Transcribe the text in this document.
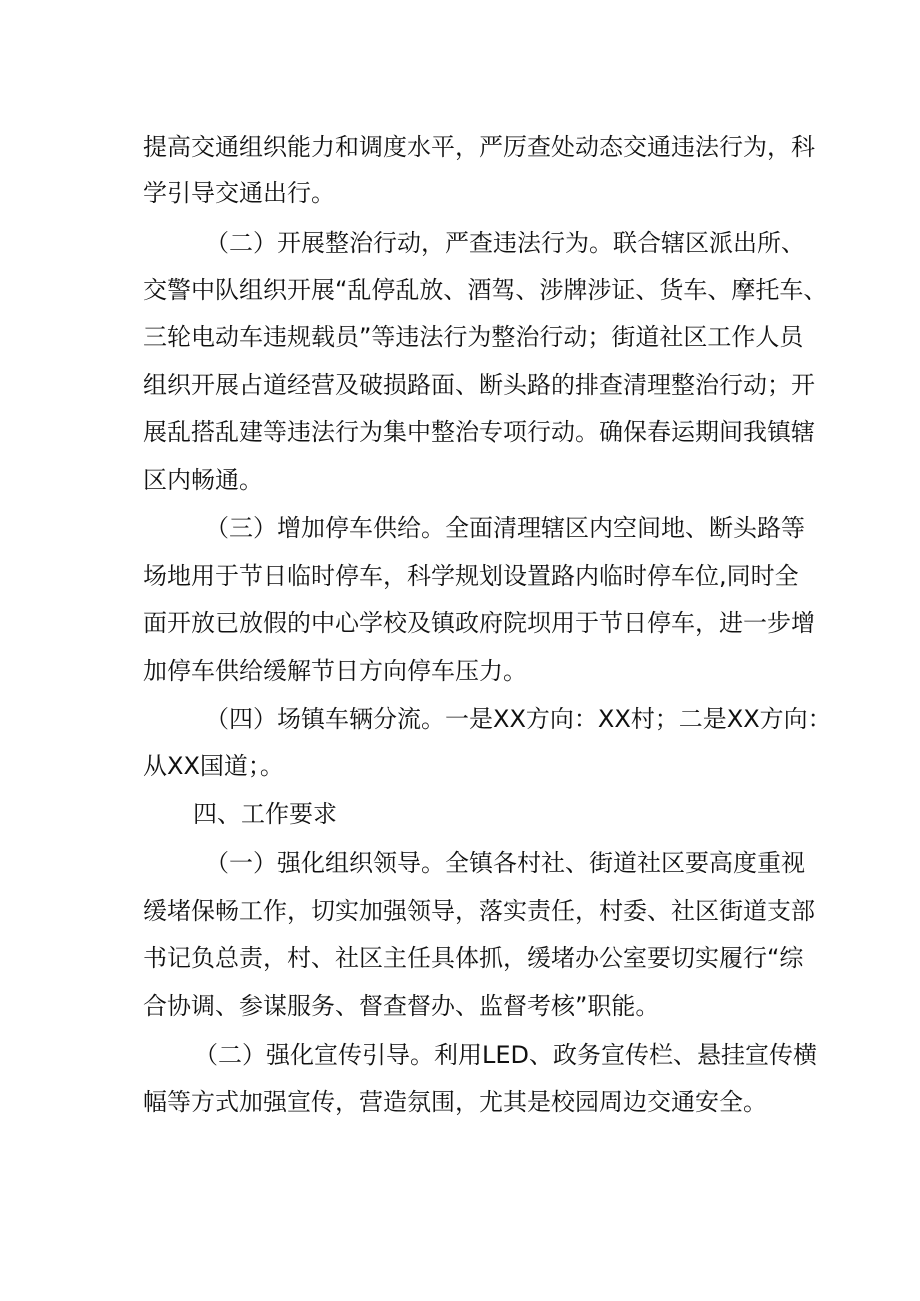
提高交通组织能力和调度水平，严厉查处动态交通违法行为，科
学引导交通出行。
（二）开展整治行动，严查违法行为。联合辖区派出所、
交警中队组织开展“乱停乱放、酒驾、涉牌涉证、货车、摩托车、
三轮电动车违规载员”等违法行为整治行动；街道社区工作人员
组织开展占道经营及破损路面、断头路的排查清理整治行动；开
展乱搭乱建等违法行为集中整治专项行动。确保春运期间我镇辖
区内畅通。
（三）增加停车供给。全面清理辖区内空间地、断头路等
场地用于节日临时停车，科学规划设置路内临时停车位,同时全
面开放已放假的中心学校及镇政府院坝用于节日停车，进一步增
加停车供给缓解节日方向停车压力。
（四）场镇车辆分流。一是XX方向：XX村；二是XX方向：
从XX国道；。
四、工作要求
（一）强化组织领导。全镇各村社、街道社区要高度重视
缓堵保畅工作，切实加强领导，落实责任，村委、社区街道支部
书记负总责，村、社区主任具体抓，缓堵办公室要切实履行“综
合协调、参谋服务、督查督办、监督考核”职能。
（二）强化宣传引导。利用LED、政务宣传栏、悬挂宣传横
幅等方式加强宣传，营造氛围，尤其是校园周边交通安全。
